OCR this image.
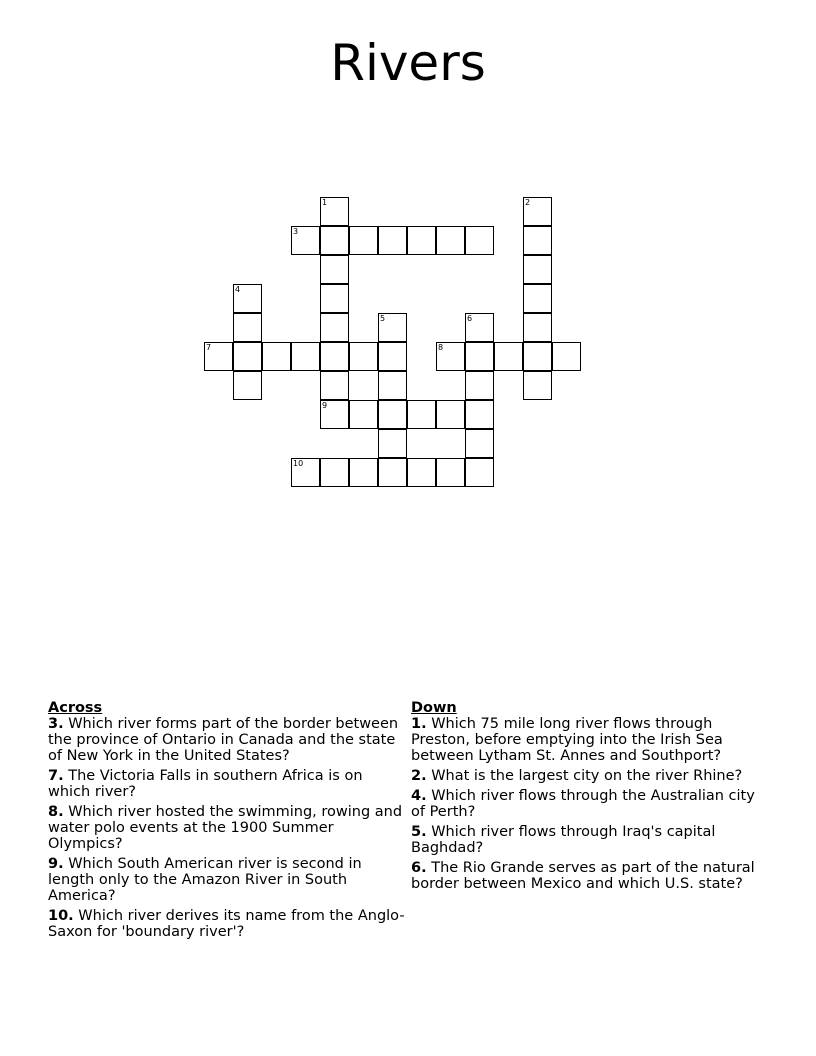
Rivers
1	2
3
4
5	6
7	8
9
10
Across
3. Which river forms part of the border between the province of Ontario in Canada and the state of New York in the United States?
7. The Victoria Falls in southern Africa is on which river?
8. Which river hosted the swimming, rowing and water polo events at the 1900 Summer Olympics?
9. Which South American river is second in length only to the Amazon River in South America?
10. Which river derives its name from the Anglo-Saxon for 'boundary river'?
Down
1. Which 75 mile long river flows through Preston, before emptying into the Irish Sea between Lytham St. Annes and Southport?
2. What is the largest city on the river Rhine?
4. Which river flows through the Australian city of Perth?
5. Which river flows through Iraq's capital Baghdad?
6. The Rio Grande serves as part of the natural border between Mexico and which U.S. state?
